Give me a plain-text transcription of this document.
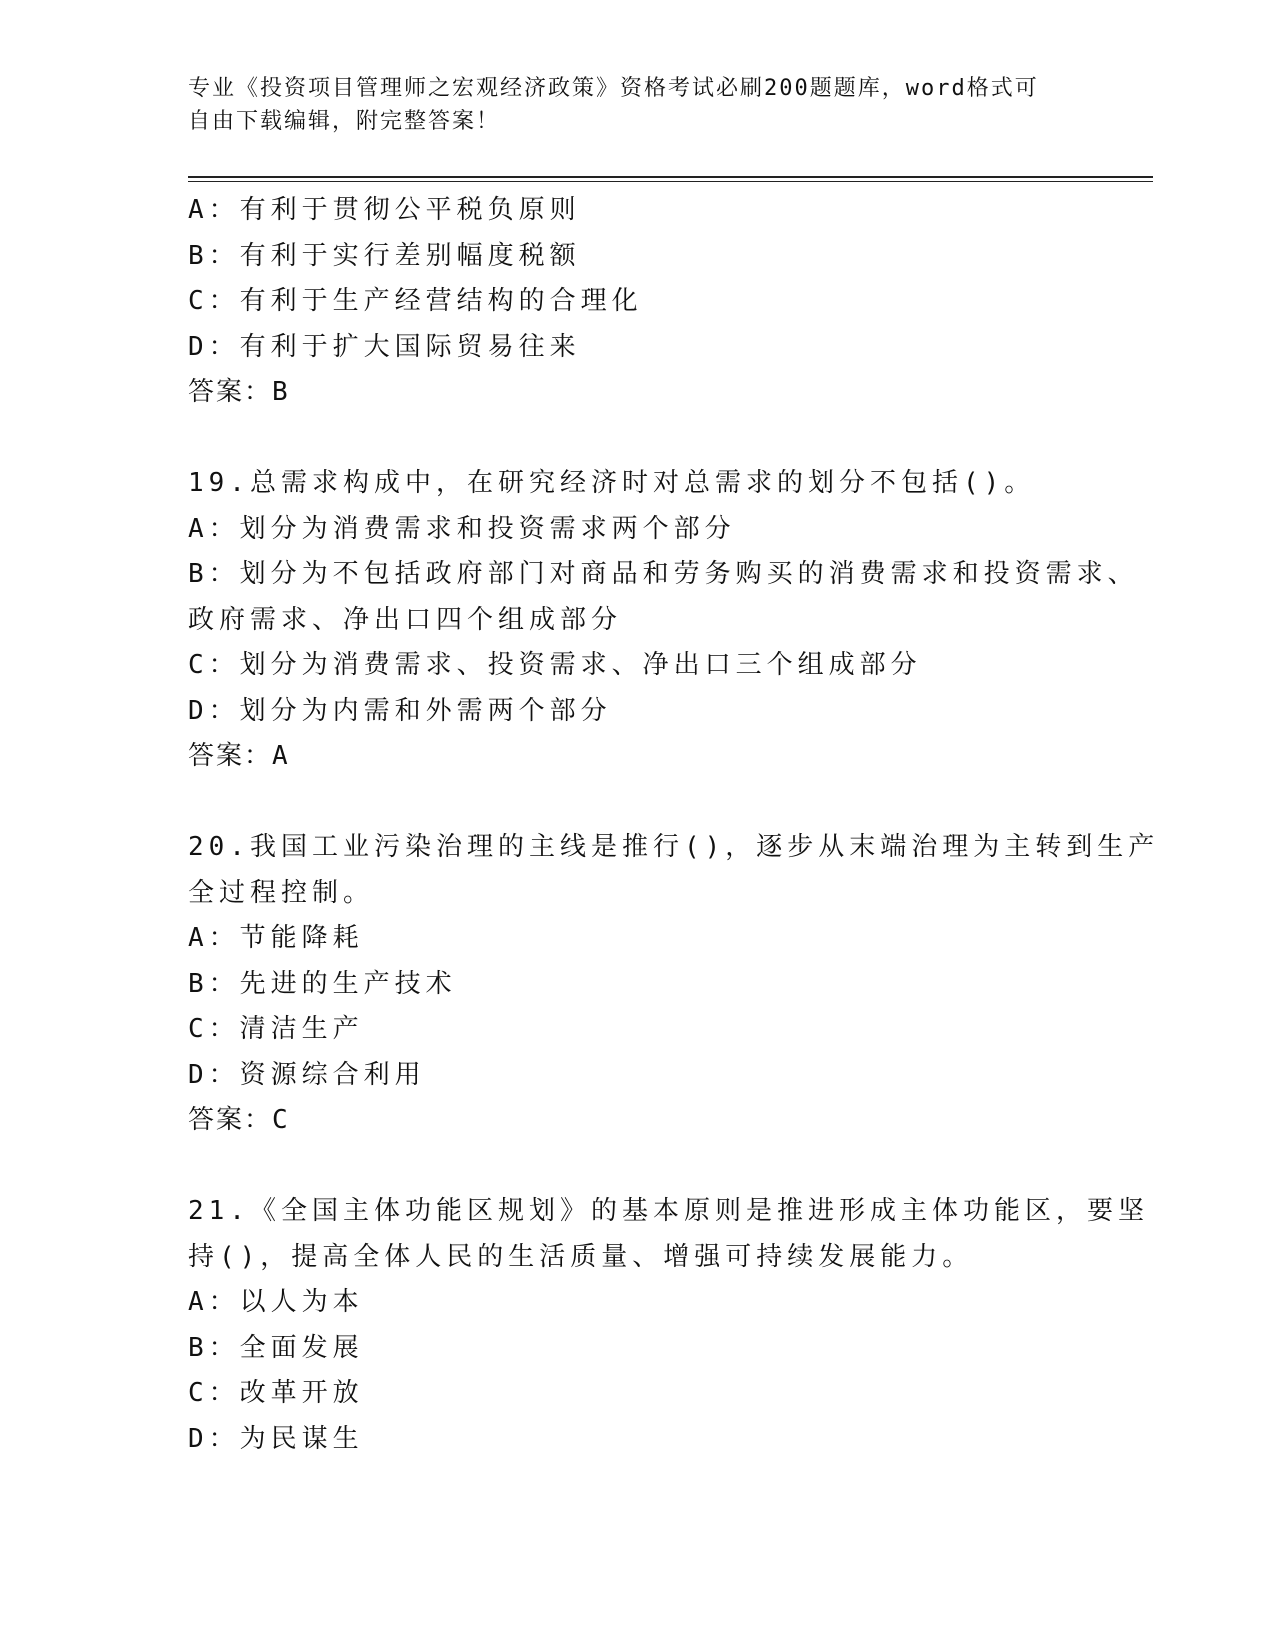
专业《投资项目管理师之宏观经济政策》资格考试必刷200题题库，word格式可
自由下载编辑，附完整答案！
A：有利于贯彻公平税负原则
B：有利于实行差别幅度税额
C：有利于生产经营结构的合理化
D：有利于扩大国际贸易往来
答案：B
19.总需求构成中，在研究经济时对总需求的划分不包括()。
A：划分为消费需求和投资需求两个部分
B：划分为不包括政府部门对商品和劳务购买的消费需求和投资需求、
政府需求、净出口四个组成部分
C：划分为消费需求、投资需求、净出口三个组成部分
D：划分为内需和外需两个部分
答案：A
20.我国工业污染治理的主线是推行()，逐步从末端治理为主转到生产
全过程控制。
A：节能降耗
B：先进的生产技术
C：清洁生产
D：资源综合利用
答案：C
21.《全国主体功能区规划》的基本原则是推进形成主体功能区，要坚
持()，提高全体人民的生活质量、增强可持续发展能力。
A：以人为本
B：全面发展
C：改革开放
D：为民谋生
